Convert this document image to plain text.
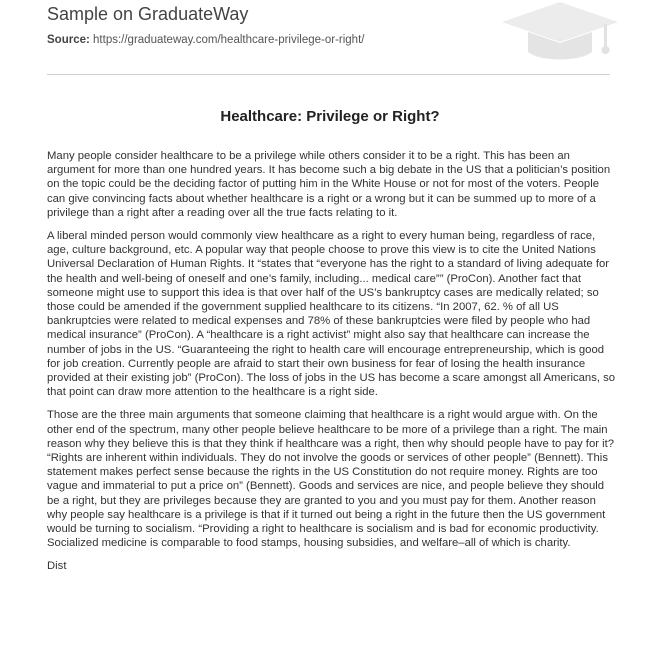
Sample on GraduateWay
Source: https://graduateway.com/healthcare-privilege-or-right/
Healthcare: Privilege or Right?

Many people consider healthcare to be a privilege while others consider it to be a right. This has been an argument for more than one hundred years. It has become such a big debate in the US that a politician’s position on the topic could be the deciding factor of putting him in the White House or not for most of the voters. People can give convincing facts about whether healthcare is a right or a wrong but it can be summed up to more of a privilege than a right after a reading over all the true facts relating to it.

A liberal minded person would commonly view healthcare as a right to every human being, regardless of race, age, culture background, etc. A popular way that people choose to prove this view is to cite the United Nations Universal Declaration of Human Rights. It “states that “everyone has the right to a standard of living adequate for the health and well-being of oneself and one’s family, including... medical care”” (ProCon). Another fact that someone might use to support this idea is that over half of the US’s bankruptcy cases are medically related; so those could be amended if the government supplied healthcare to its citizens. “In 2007, 62. % of all US bankruptcies were related to medical expenses and 78% of these bankruptcies were filed by people who had medical insurance” (ProCon). A “healthcare is a right activist” might also say that healthcare can increase the number of jobs in the US. “Guaranteeing the right to health care will encourage entrepreneurship, which is good for job creation. Currently people are afraid to start their own business for fear of losing the health insurance provided at their existing job” (ProCon). The loss of jobs in the US has become a scare amongst all Americans, so that point can draw more attention to the healthcare is a right side.

Those are the three main arguments that someone claiming that healthcare is a right would argue with. On the other end of the spectrum, many other people believe healthcare to be more of a privilege than a right. The main reason why they believe this is that they think if healthcare was a right, then why should people have to pay for it? “Rights are inherent within individuals. They do not involve the goods or services of other people” (Bennett). This statement makes perfect sense because the rights in the US Constitution do not require money. Rights are too vague and immaterial to put a price on” (Bennett). Goods and services are nice, and people believe they should be a right, but they are privileges because they are granted to you and you must pay for them. Another reason why people say healthcare is a privilege is that if it turned out being a right in the future then the US government would be turning to socialism. “Providing a right to healthcare is socialism and is bad for economic productivity. Socialized medicine is comparable to food stamps, housing subsidies, and welfare–all of which is charity.

Dist
